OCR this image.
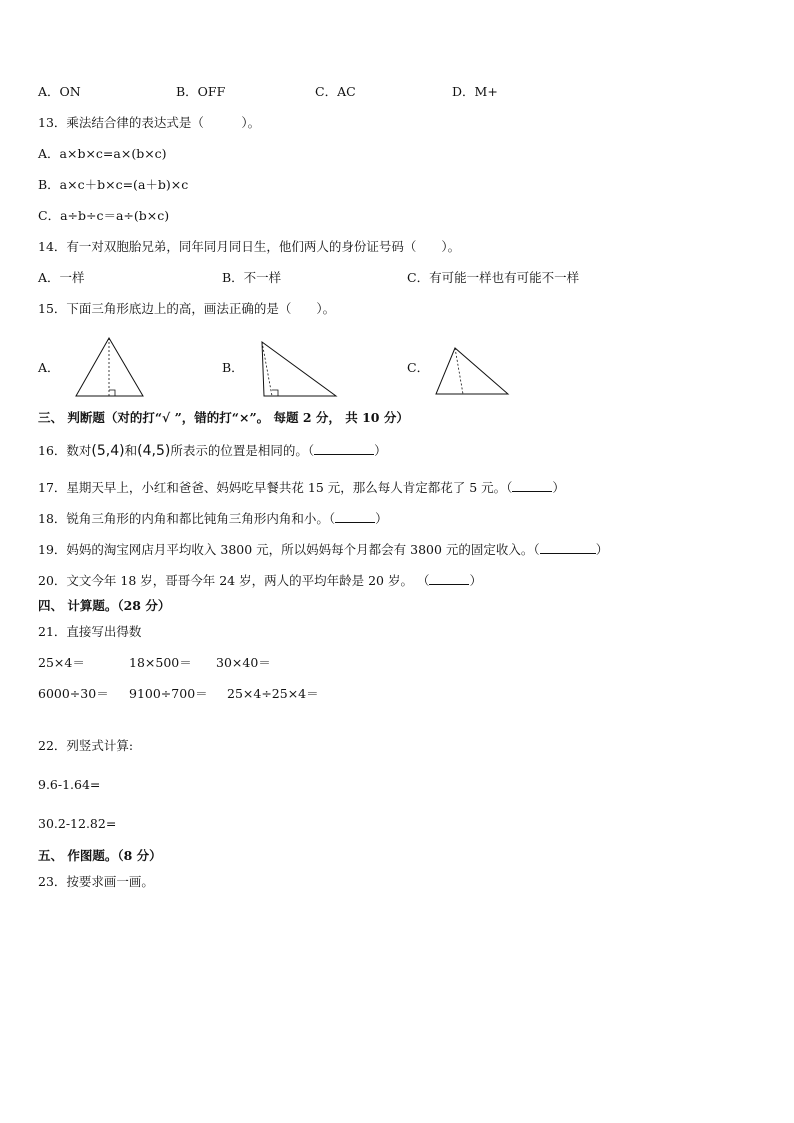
A．ON	B．OFF	C．AC	D．M+
13．乘法结合律的表达式是（　　　）。
A．a×b×c=a×(b×c)
B．a×c＋b×c=(a＋b)×c
C．a÷b÷c＝a÷(b×c)
14．有一对双胞胎兄弟，同年同月同日生，他们两人的身份证号码（　　）。
A．一样	B．不一样	C．有可能一样也有可能不一样
15．下面三角形底边上的高，画法正确的是（　　）。
A．	B．	C．
三、 判断题（对的打“√ ”，错的打“×”。 每题 2 分， 共 10 分）
16．数对(5,4)和(4,5)所表示的位置是相同的。（	）
17．星期天早上，小红和爸爸、妈妈吃早餐共花 15 元，那么每人肯定都花了 5 元。（	）
18．锐角三角形的内角和都比钝角三角形内角和小。（	）
19．妈妈的淘宝网店月平均收入 3800 元，所以妈妈每个月都会有 3800 元的固定收入。（	）
20．文文今年 18 岁，哥哥今年 24 岁，两人的平均年龄是 20 岁。 （	）
四、 计算题。（28 分）
21．直接写出得数
25×4＝	18×500＝ 30×40＝
6000÷30＝ 9100÷700＝ 25×4÷25×4＝
22．列竖式计算:
9.6-1.64=
30.2-12.82=
五、 作图题。（8 分）
23．按要求画一画。
